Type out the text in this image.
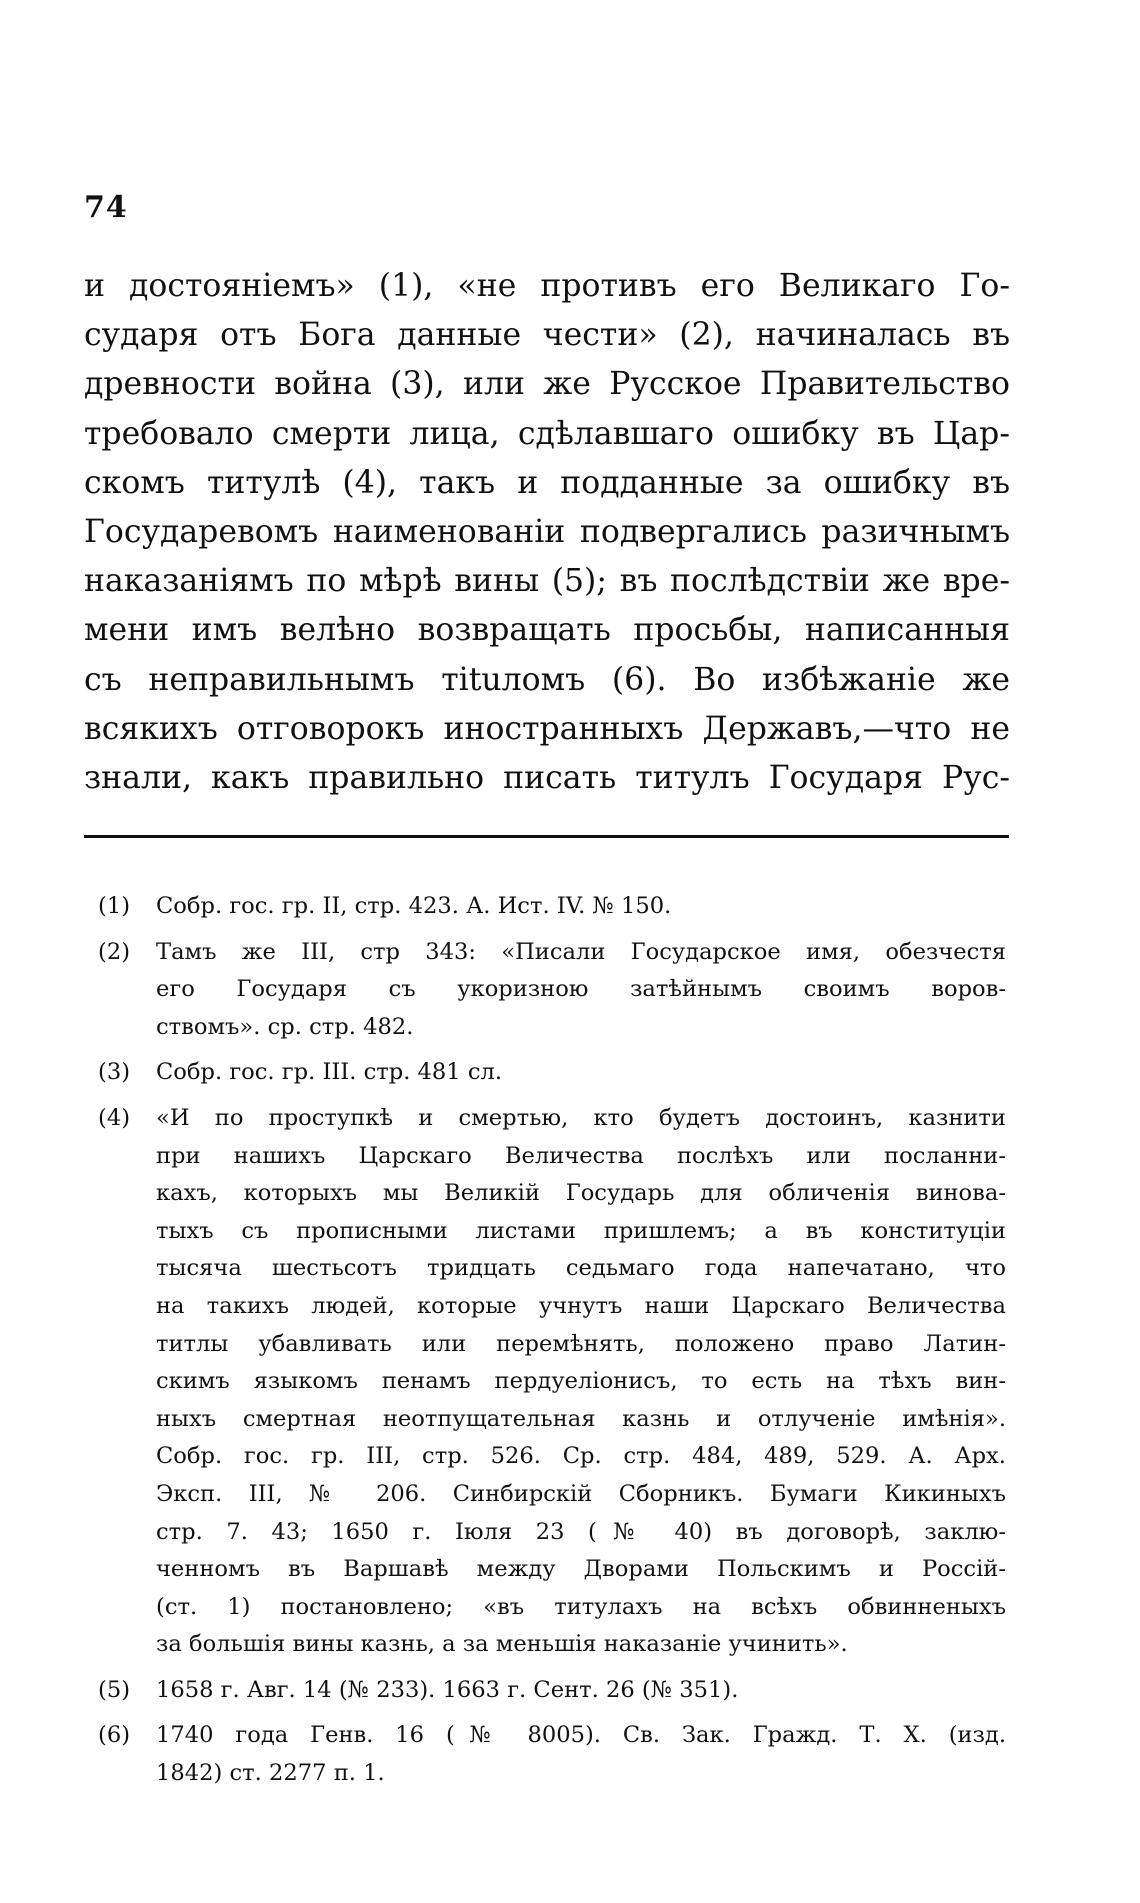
74
и достоянiемъ» (1), «не противъ его Великаго Го-
сударя отъ Бога данные чести» (2), начиналась въ
древности война (3), или же Русское Правительство
требовало смерти лица, сдѣлавшаго ошибку въ Цар-
скомъ титулѣ (4), такъ и подданные за ошибку въ
Государевомъ наименованiи подвергались разичнымъ
наказанiямъ по мѣрѣ вины (5); въ послѣдствiи же вре-
мени имъ велѣно возвращать просьбы, написанныя
съ неправильнымъ тituломъ (6). Во избѣжанiе же
всякихъ отговорокъ иностранныхъ Державъ,—что не
знали, какъ правильно писать титулъ Государя Рус-
(1)	Собр. гос. гр. II, стр. 423. А. Ист. IV. № 150.
(2)	Тамъ же III, стр 343: «Писали Государское имя, обезчестя
его Государя съ укоризною затѣйнымъ своимъ воров-
ствомъ». ср. стр. 482.
(3)	Собр. гос. гр. III. стр. 481 сл.
(4)	«И по проступкѣ и смертью, кто будетъ достоинъ, казнити
при нашихъ Царскаго Величества послѣхъ или посланни-
кахъ, которыхъ мы Великiй Государь для обличенiя винова-
тыхъ съ прописными листами пришлемъ; а въ конституцiи
тысяча шестьсотъ тридцать седьмаго года напечатано, что
на такихъ людей, которые учнутъ наши Царскаго Величества
титлы убавливать или перемѣнять, положено право Латин-
скимъ языкомъ пенамъ пердуелiонисъ, то есть на тѣхъ вин-
ныхъ смертная неотпущательная казнь и отлученiе имѣнiя».
Собр. гос. гр. III, стр. 526. Ср. стр. 484, 489, 529. А. Арх.
Эксп. III, № 206. Синбирскiй Сборникъ. Бумаги Кикиныхъ
стр. 7. 43; 1650 г. Iюля 23 (№ 40) въ договорѣ, заклю-
ченномъ въ Варшавѣ между Дворами Польскимъ и Россiй-
(ст. 1) постановлено; «въ титулахъ на всѣхъ обвинненыхъ
за большiя вины казнь, а за меньшiя наказанiе учинить».
(5)	1658 г. Авг. 14 (№ 233). 1663 г. Сент. 26 (№ 351).
(6)	1740 года Генв. 16 (№ 8005). Св. Зак. Гражд. Т. X. (изд.
1842) ст. 2277 п. 1.
